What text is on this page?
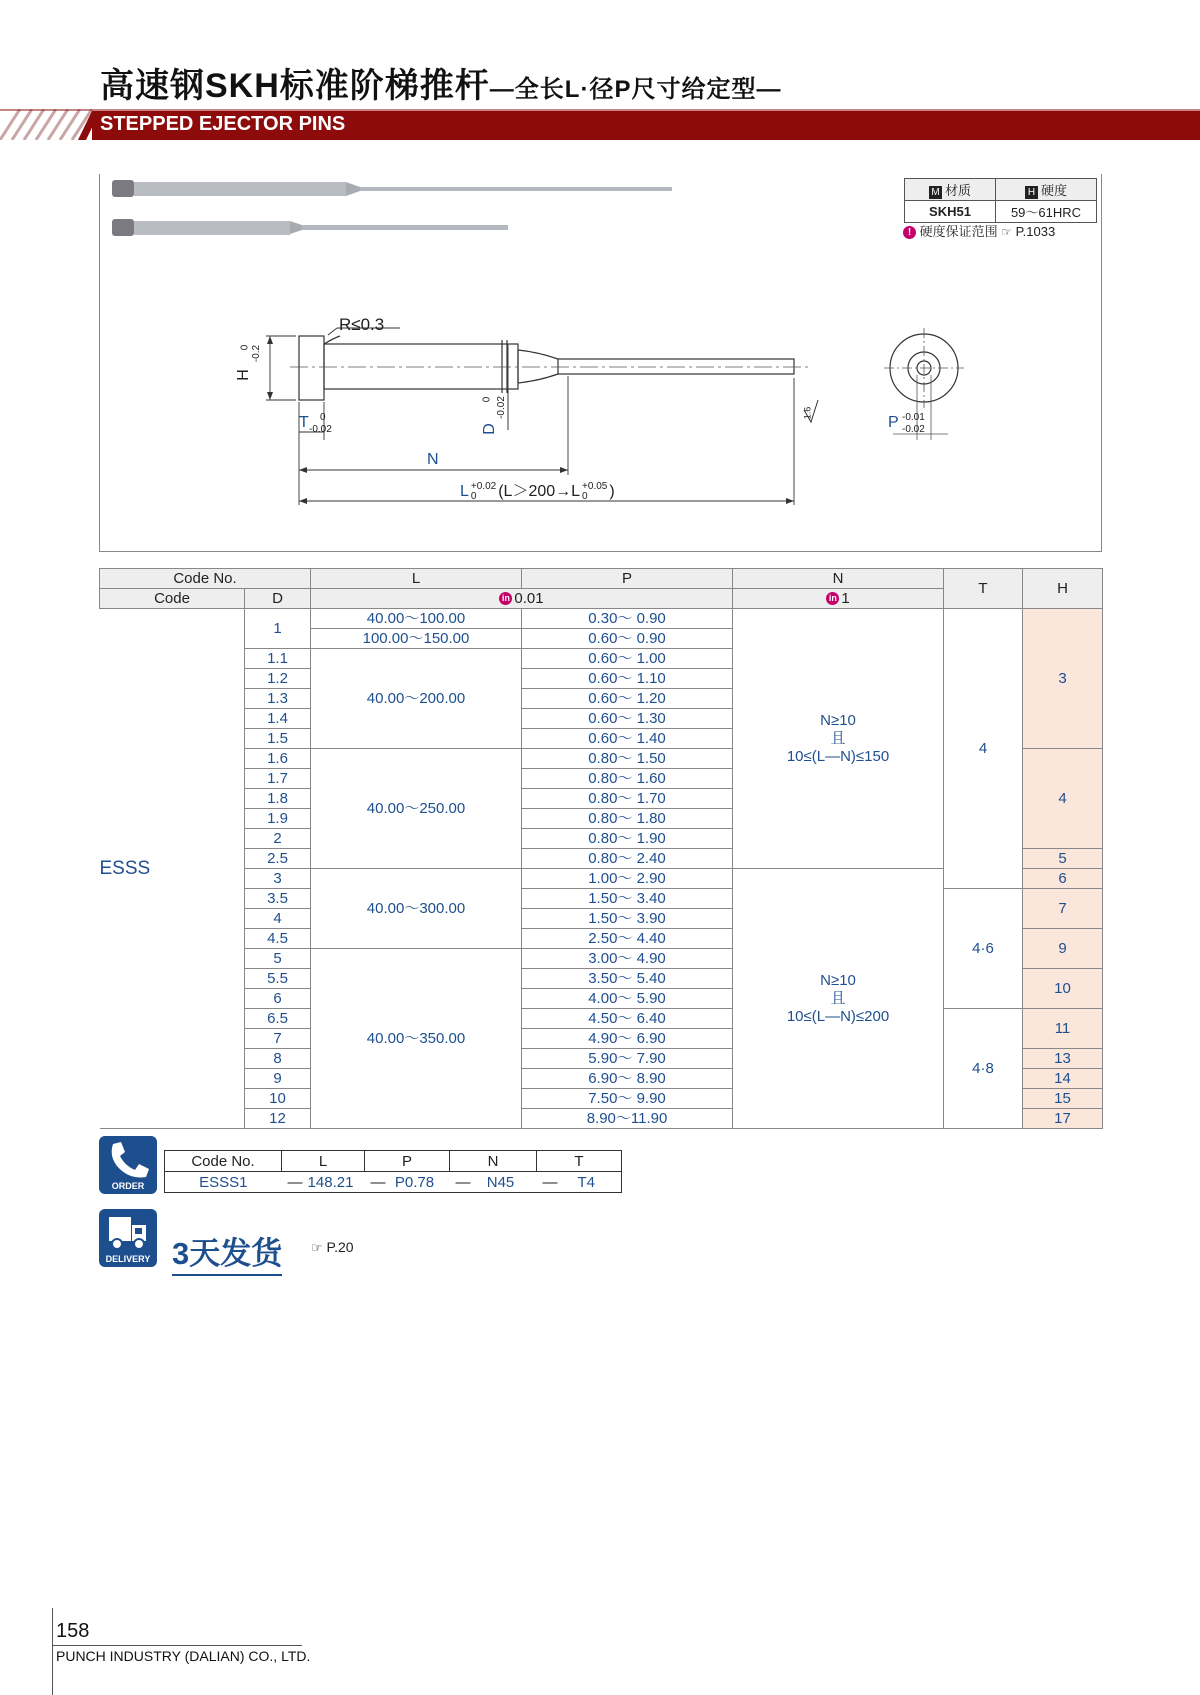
高速钢SKH标准阶梯推杆—全长L·径P尺寸给定型—
STEPPED EJECTOR PINS
R≤0.3
H
0 -0.2
T 0
-0.02	D
0 -0.02	1.6
P -0.01
-0.02
N
L +0.02
0 (L＞200→L +0.05
0 )
M 材质	H 硬度
SKH51	59～61HRC
! 硬度保证范围 ☞ P.1033
Code No.		L	P	N	T	H
Code	D	in 0.01		in 1		
ESSS	1	40.00～100.00	0.30～ 0.90	N≥10
且
10≤(L—N)≤150	4	3
		100.00～150.00	0.60～ 0.90			
	1.1	40.00～200.00	0.60～ 1.00			
	1.2		0.60～ 1.10			
	1.3		0.60～ 1.20			
	1.4		0.60～ 1.30			
	1.5		0.60～ 1.40			
	1.6	40.00～250.00	0.80～ 1.50			4
	1.7		0.80～ 1.60			
	1.8		0.80～ 1.70			
	1.9		0.80～ 1.80			
	2		0.80～ 1.90			
	2.5		0.80～ 2.40			5
	3	40.00～300.00	1.00～ 2.90	N≥10
且
10≤(L—N)≤200		6
	3.5		1.50～ 3.40		4·6	7
	4		1.50～ 3.90			
	4.5		2.50～ 4.40			9
	5	40.00～350.00	3.00～ 4.90			
	5.5		3.50～ 5.40			10
	6		4.00～ 5.90			
	6.5		4.50～ 6.40		4·8	11
	7		4.90～ 6.90			
	8		5.90～ 7.90			13
	9		6.90～ 8.90			14
	10		7.50～ 9.90			15
	12		8.90～11.90			17
ORDER
Code No.	L	P	N	T
ESSS1	— 148.21	— P0.78	— N45	— T4
DELIVERY 3天发货 ☞ P.20
158
PUNCH INDUSTRY (DALIAN) CO., LTD.
